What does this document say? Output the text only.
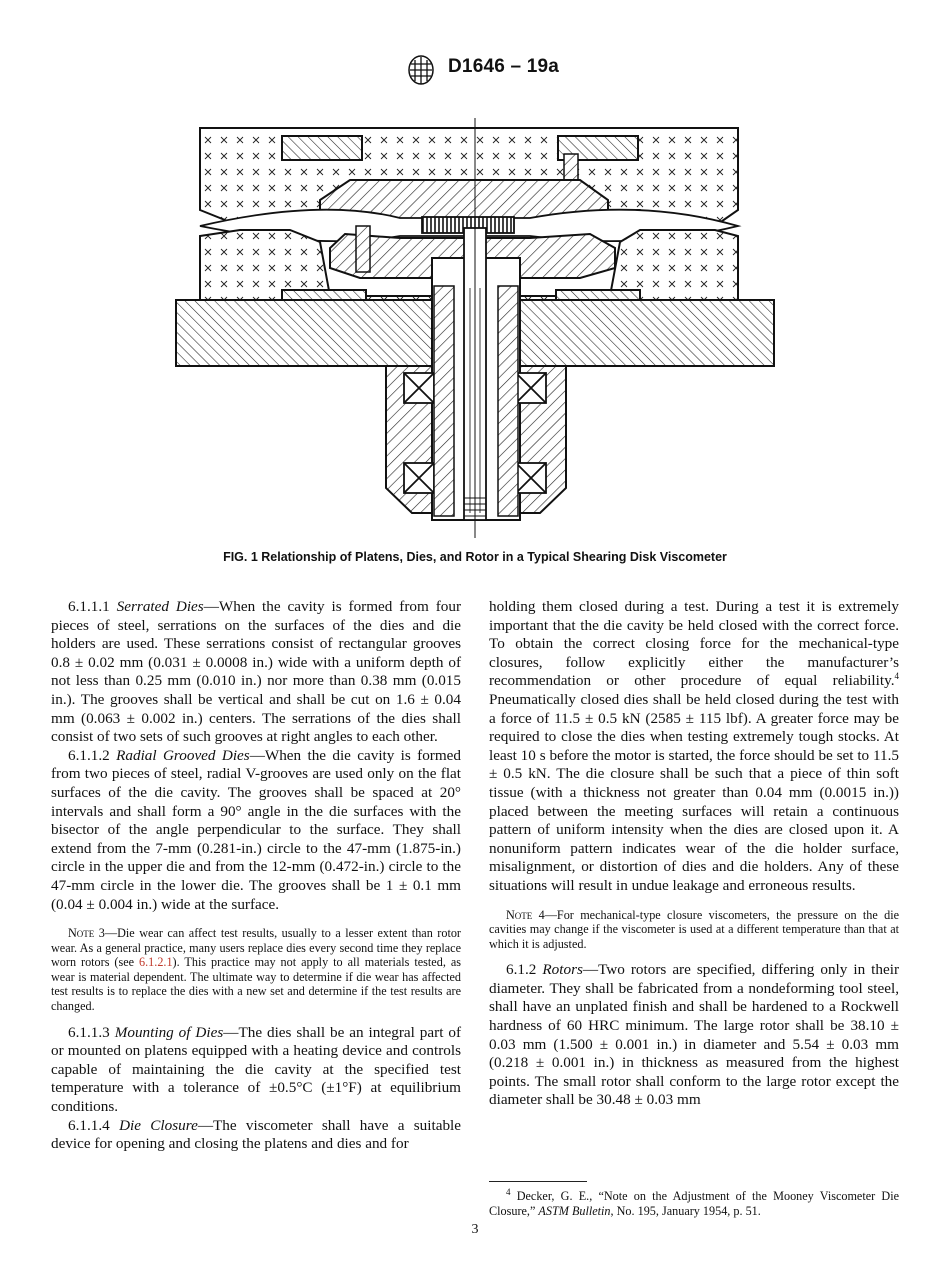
D1646 – 19a
FIG. 1 Relationship of Platens, Dies, and Rotor in a Typical Shearing Disk Viscometer

6.1.1.1 Serrated Dies—When the cavity is formed from four pieces of steel, serrations on the surfaces of the dies and die holders are used. These serrations consist of rectangular grooves 0.8 ± 0.02 mm (0.031 ± 0.0008 in.) wide with a uniform depth of not less than 0.25 mm (0.010 in.) nor more than 0.38 mm (0.015 in.). The grooves shall be vertical and shall be cut on 1.6 ± 0.04 mm (0.063 ± 0.002 in.) centers. The serrations of the dies shall consist of two sets of such grooves at right angles to each other.

6.1.1.2 Radial Grooved Dies—When the die cavity is formed from two pieces of steel, radial V-grooves are used only on the flat surfaces of the die cavity. The grooves shall be spaced at 20° intervals and shall form a 90° angle in the die surfaces with the bisector of the angle perpendicular to the surface. They shall extend from the 7-mm (0.281-in.) circle to the 47-mm (1.875-in.) circle in the upper die and from the 12-mm (0.472-in.) circle to the 47-mm circle in the lower die. The grooves shall be 1 ± 0.1 mm (0.04 ± 0.004 in.) wide at the surface.

Note 3—Die wear can affect test results, usually to a lesser extent than rotor wear. As a general practice, many users replace dies every second time they replace worn rotors (see 6.1.2.1). This practice may not apply to all materials tested, as wear is material dependent. The ultimate way to determine if die wear has affected test results is to replace the dies with a new set and determine if the test results are changed.

6.1.1.3 Mounting of Dies—The dies shall be an integral part of or mounted on platens equipped with a heating device and controls capable of maintaining the die cavity at the specified test temperature with a tolerance of ±0.5°C (±1°F) at equilibrium conditions.

6.1.1.4 Die Closure—The viscometer shall have a suitable device for opening and closing the platens and dies and for

holding them closed during a test. During a test it is extremely important that the die cavity be held closed with the correct force. To obtain the correct closing force for the mechanical-type closures, follow explicitly either the manufacturer’s recommendation or other procedure of equal reliability.$^4$ Pneumatically closed dies shall be held closed during the test with a force of 11.5 ± 0.5 kN (2585 ± 115 lbf). A greater force may be required to close the dies when testing extremely tough stocks. At least 10 s before the motor is started, the force should be set to 11.5 ± 0.5 kN. The die closure shall be such that a piece of thin soft tissue (with a thickness not greater than 0.04 mm (0.0015 in.)) placed between the meeting surfaces will retain a continuous pattern of uniform intensity when the dies are closed upon it. A nonuniform pattern indicates wear of the die holder surface, misalignment, or distortion of dies and die holders. Any of these situations will result in undue leakage and erroneous results.

Note 4—For mechanical-type closure viscometers, the pressure on the die cavities may change if the viscometer is used at a different temperature than that at which it is adjusted.

6.1.2 Rotors—Two rotors are specified, differing only in their diameter. They shall be fabricated from a nondeforming tool steel, shall have an unplated finish and shall be hardened to a Rockwell hardness of 60 HRC minimum. The large rotor shall be 38.10 ± 0.03 mm (1.500 ± 0.001 in.) in diameter and 5.54 ± 0.03 mm (0.218 ± 0.001 in.) in thickness as measured from the highest points. The small rotor shall conform to the large rotor except the diameter shall be 30.48 ± 0.03 mm

$^4$ Decker, G. E., “Note on the Adjustment of the Mooney Viscometer Die Closure,” ASTM Bulletin, No. 195, January 1954, p. 51.
3
